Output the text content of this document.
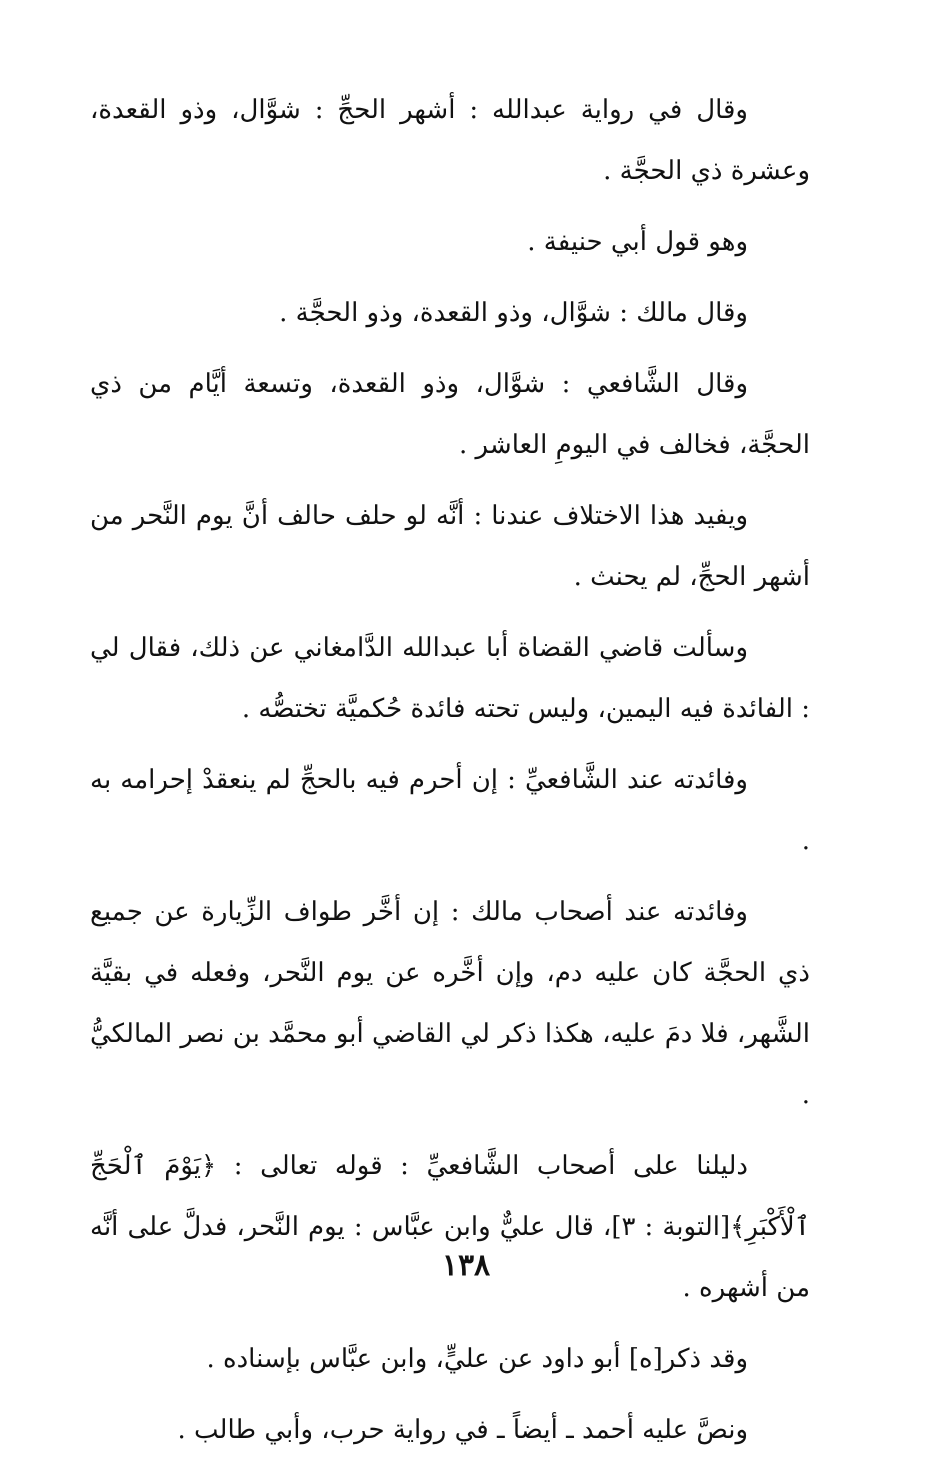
وقال في رواية عبدالله : أشهر الحجِّ : شوَّال، وذو القعدة، وعشرة ذي الحجَّة .

وهو قول أبي حنيفة .

وقال مالك : شوَّال، وذو القعدة، وذو الحجَّة .

وقال الشَّافعي : شوَّال، وذو القعدة، وتسعة أيَّام من ذي الحجَّة، فخالف في اليومِ العاشر .

ويفيد هذا الاختلاف عندنا : أنَّه لو حلف حالف أنَّ يوم النَّحر من أشهر الحجِّ، لم يحنث .

وسألت قاضي القضاة أبا عبدالله الدَّامغاني عن ذلك، فقال لي : الفائدة فيه اليمين، وليس تحته فائدة حُكميَّة تختصُّه .

وفائدته عند الشَّافعيِّ : إن أحرم فيه بالحجِّ لم ينعقدْ إحرامه به .

وفائدته عند أصحاب مالك : إن أخَّر طواف الزِّيارة عن جميع ذي الحجَّة كان عليه دم، وإن أخَّره عن يوم النَّحر، وفعله في بقيَّة الشَّهر، فلا دمَ عليه، هكذا ذكر لي القاضي أبو محمَّد بن نصر المالكيُّ .

دليلنا على أصحاب الشَّافعيِّ : قوله تعالى : ﴿يَوْمَ ٱلْحَجِّ ٱلْأَكْبَرِ﴾[التوبة : ٣]، قال عليٌّ وابن عبَّاس : يوم النَّحر، فدلَّ على أنَّه من أشهره .

وقد ذكر[ه] أبو داود عن عليٍّ، وابن عبَّاس بإسناده .

ونصَّ عليه أحمد ـ أيضاً ـ في رواية حرب، وأبي طالب .

١٣٨
